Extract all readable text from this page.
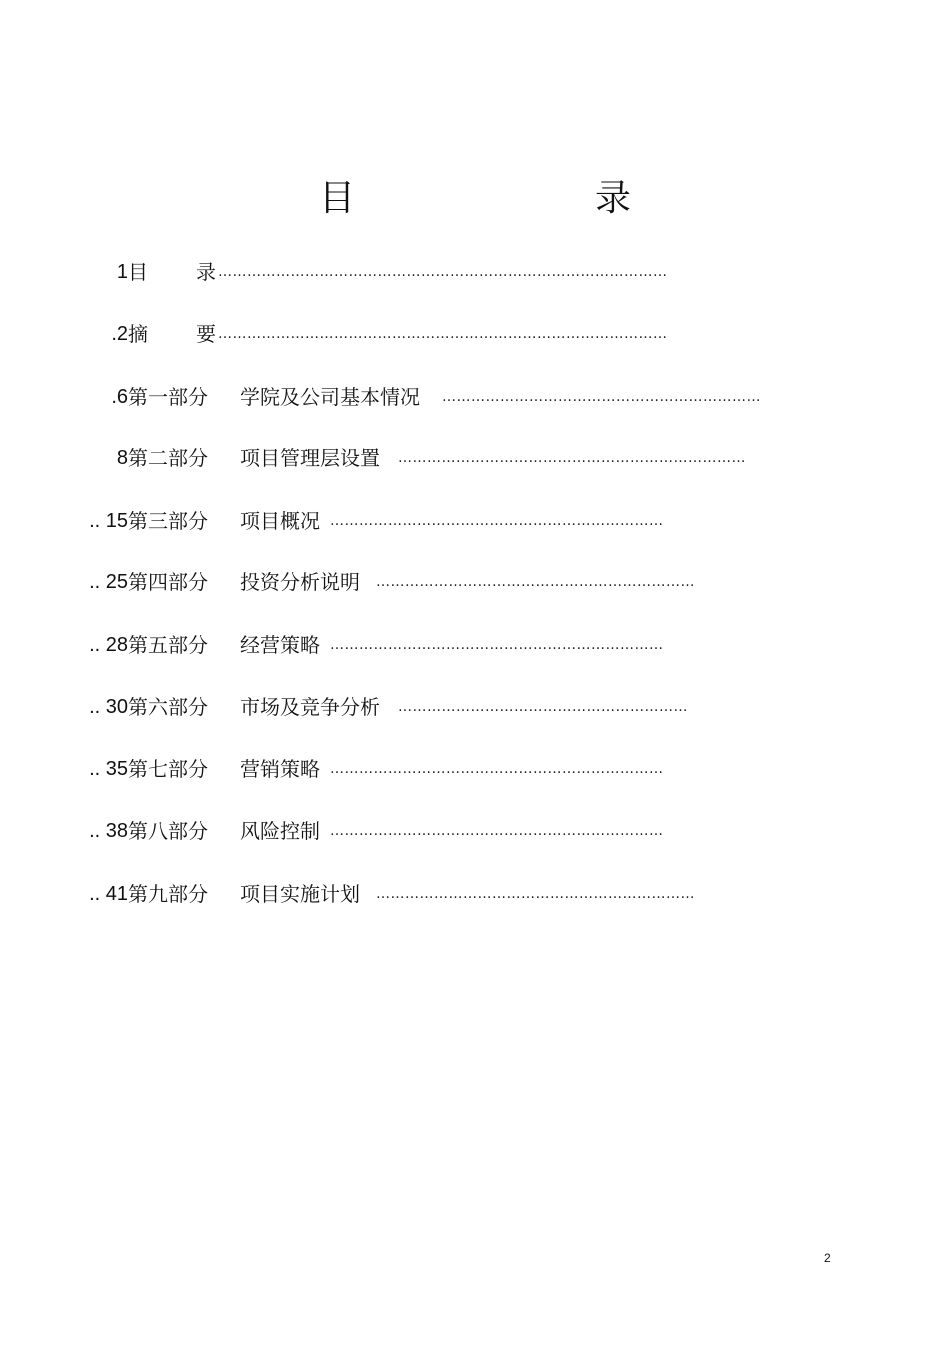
目　　录
目 录 …………………………………………………………………………………
1
摘 要 …………………………………………………………………………………
.2
第一部分 学院及公司基本情况 …………………………………………………………
.6
第二部分 项目管理层设置 ………………………………………………………………
8
第三部分 项目概况 ……………………………………………………………
.. 15
第四部分 投资分析说明 …………………………………………………………
.. 25
第五部分 经营策略 ……………………………………………………………
.. 28
第六部分 市场及竞争分析 ……………………………………………………
.. 30
第七部分 营销策略 ……………………………………………………………
.. 35
第八部分 风险控制 ……………………………………………………………
.. 38
第九部分 项目实施计划 …………………………………………………………
.. 41
2
